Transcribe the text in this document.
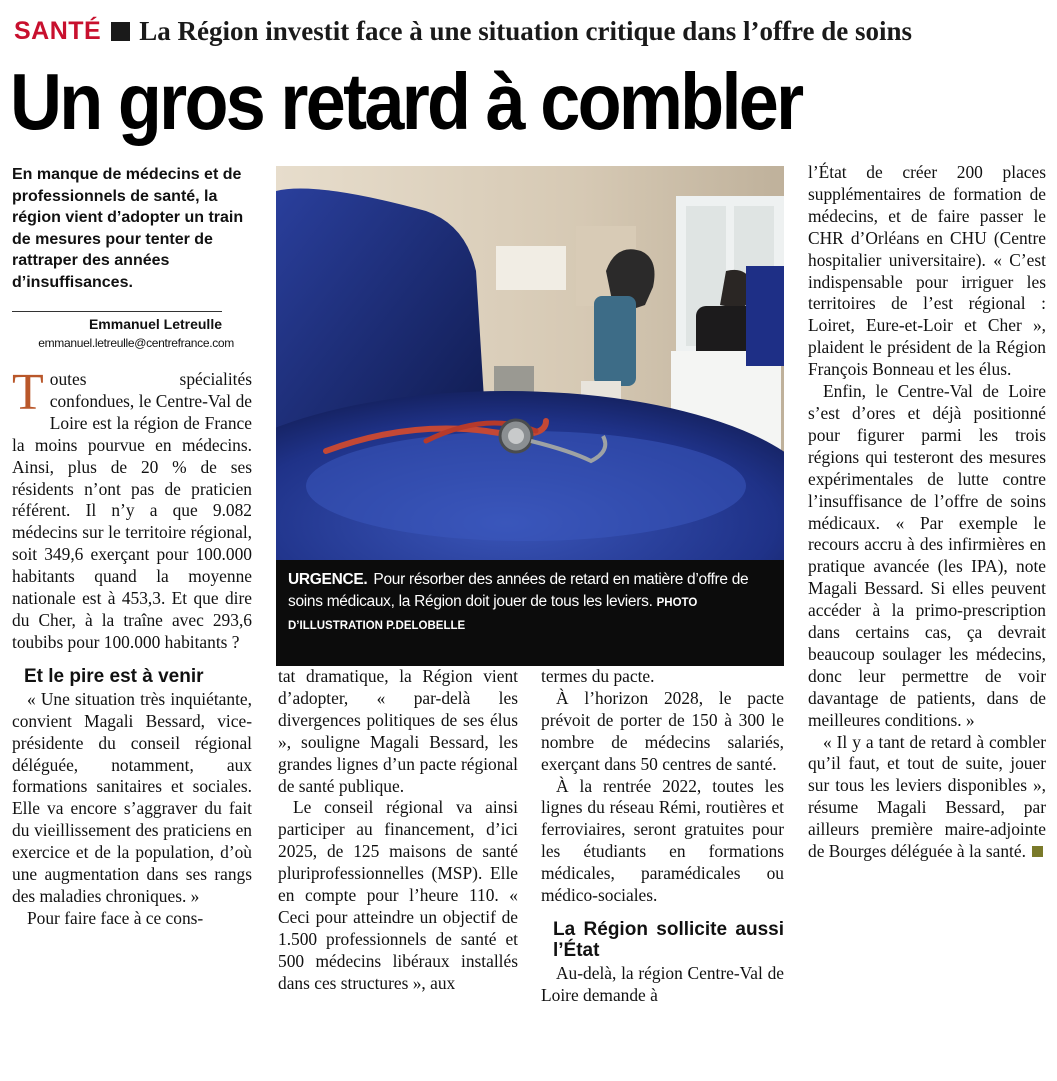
SANTÉ La Région investit face à une situation critique dans l’offre de soins
Un gros retard à combler
En manque de médecins et de professionnels de santé, la région vient d’adopter un train de mesures pour tenter de rattraper des années d’insuffisances.
Emmanuel Letreulle
emmanuel.letreulle@centrefrance.com

Toutes spécialités confondues, le Centre-Val de Loire est la région de France la moins pourvue en médecins. Ainsi, plus de 20 % de ses résidents n’ont pas de praticien référent. Il n’y a que 9.082 médecins sur le territoire régional, soit 349,6 exerçant pour 100.000 habitants quand la moyenne nationale est à 453,3. Et que dire du Cher, à la traîne avec 293,6 toubibs pour 100.000 habitants ?

Et le pire est à venir

« Une situation très inquiétante, convient Magali Bessard, vice-présidente du conseil régional déléguée, notamment, aux formations sanitaires et sociales. Elle va encore s’aggraver du fait du vieillissement des praticiens en exercice et de la population, d’où une augmentation dans ses rangs des maladies chroniques. »

Pour faire face à ce cons-

URGENCE. Pour résorber des années de retard en matière d’offre de soins médicaux, la Région doit jouer de tous les leviers. PHOTO D’ILLUSTRATION P.DELOBELLE

tat dramatique, la Région vient d’adopter, « par-delà les divergences politiques de ses élus », souligne Magali Bessard, les grandes lignes d’un pacte régional de santé publique.

Le conseil régional va ainsi participer au financement, d’ici 2025, de 125 maisons de santé pluriprofessionnelles (MSP). Elle en compte pour l’heure 110. « Ceci pour atteindre un objectif de 1.500 professionnels de santé et 500 médecins libéraux installés dans ces structures », aux

termes du pacte.

À l’horizon 2028, le pacte prévoit de porter de 150 à 300 le nombre de médecins salariés, exerçant dans 50 centres de santé.

À la rentrée 2022, toutes les lignes du réseau Rémi, routières et ferroviaires, seront gratuites pour les étudiants en formations médicales, paramédicales ou médico-sociales.

La Région sollicite aussi l’État

Au-delà, la région Centre-Val de Loire demande à

l’État de créer 200 places supplémentaires de formation de médecins, et de faire passer le CHR d’Orléans en CHU (Centre hospitalier universitaire). « C’est indispensable pour irriguer les territoires de l’est régional : Loiret, Eure-et-Loir et Cher », plaident le président de la Région François Bonneau et les élus.

Enfin, le Centre-Val de Loire s’est d’ores et déjà positionné pour figurer parmi les trois régions qui testeront des mesures expérimentales de lutte contre l’insuffisance de l’offre de soins médicaux. « Par exemple le recours accru à des infirmières en pratique avancée (les IPA), note Magali Bessard. Si elles peuvent accéder à la primo-prescription dans certains cas, ça devrait beaucoup soulager les médecins, donc leur permettre de voir davantage de patients, dans de meilleures conditions. »

« Il y a tant de retard à combler qu’il faut, et tout de suite, jouer sur tous les leviers disponibles », résume Magali Bessard, par ailleurs première maire-adjointe de Bourges déléguée à la santé.
